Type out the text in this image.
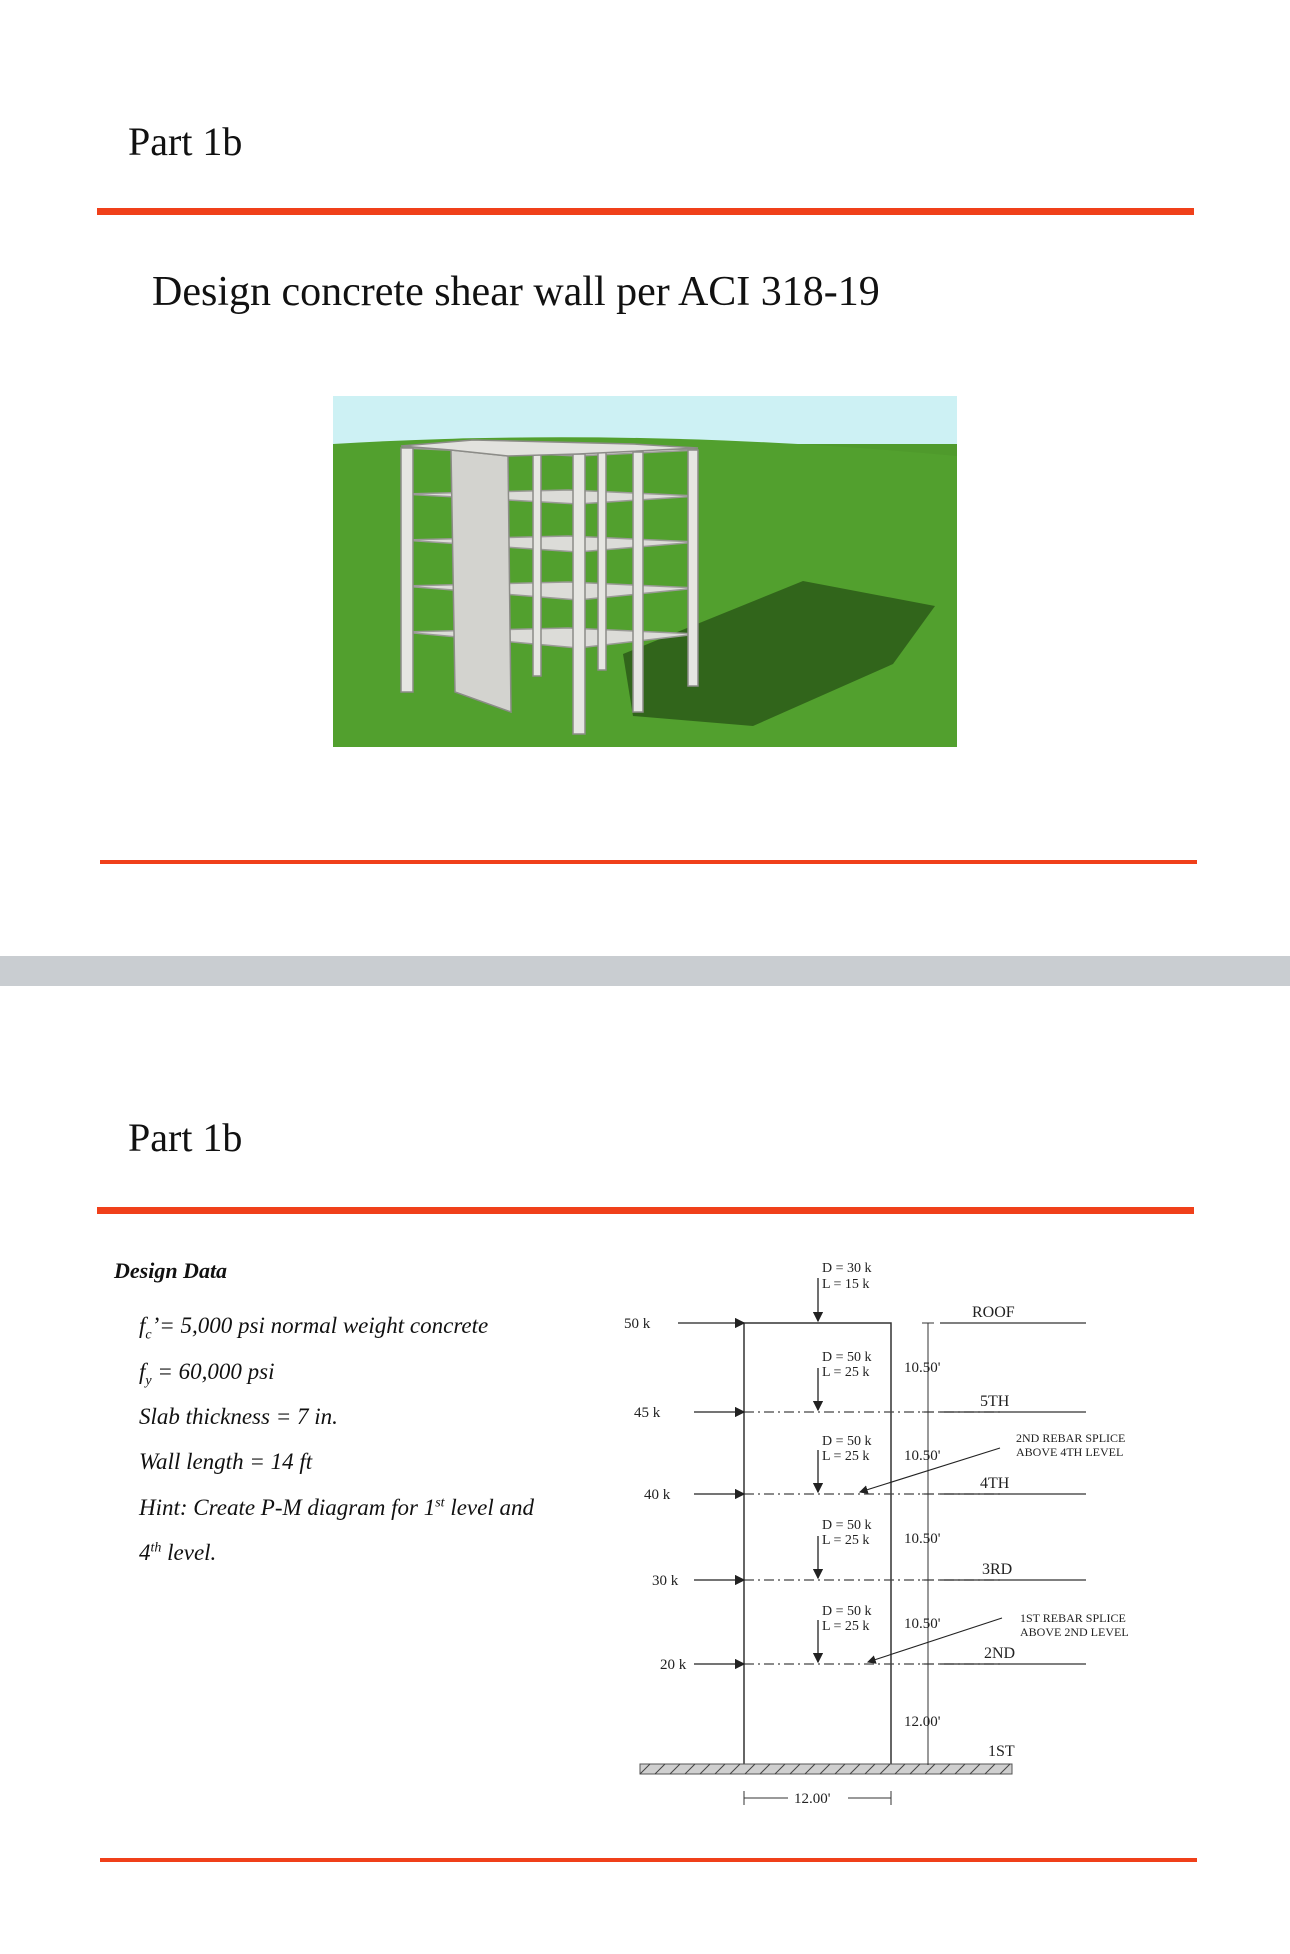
Part 1b
Design concrete shear wall per ACI 318-19
Part 1b
Design Data
$f_c’= 5,000$ psi normal weight concrete
$f_y = 60,000$ psi
Slab thickness = 7 in.
Wall length = 14 ft
Hint: Create P-M diagram for 1st level and
4th level.
D = 30 k
L = 15 k
50 k
45 k
40 k
30 k
20 k
D = 50 k
L = 25 k
D = 50 k
L = 25 k
D = 50 k
L = 25 k
D = 50 k
L = 25 k
10.50'
10.50'
10.50'
10.50'
12.00'
ROOF
5TH
4TH
3RD
2ND
1ST
2ND REBAR SPLICE
ABOVE 4TH LEVEL
1ST REBAR SPLICE
ABOVE 2ND LEVEL
12.00'
